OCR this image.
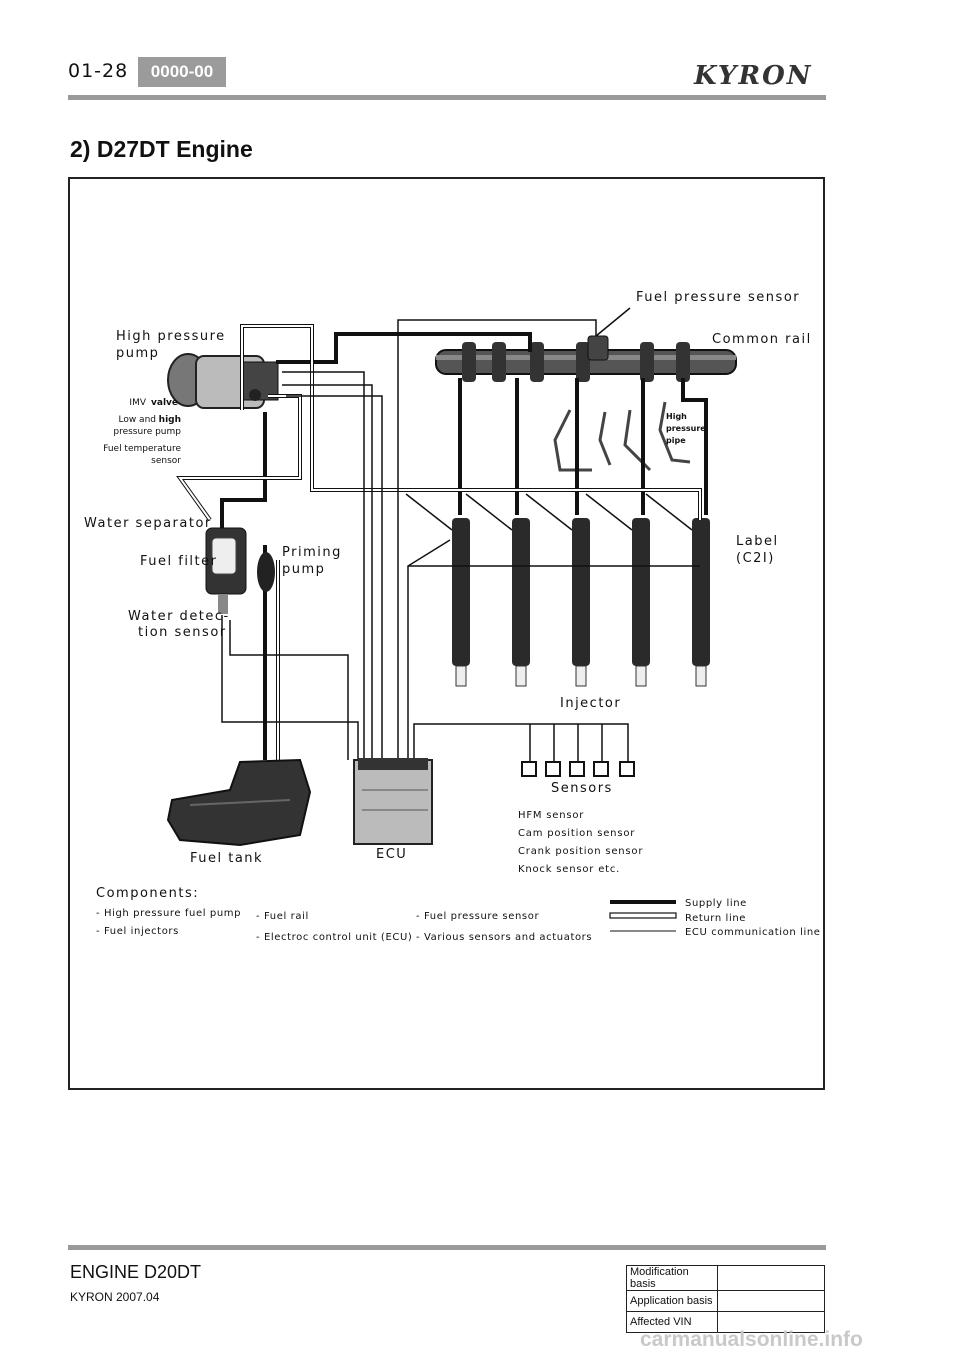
01-28	0000-00	KYRON
2) D27DT Engine
Fuel pressure sensor
High pressure
pump
Common rail
IMV valve
Low and high
pressure pump
Fuel temperature
sensor
High
pressure
pipe
Water separator
Fuel filter
Priming
pump
Label
(C2I)
Water detec-
tion sensor
Injector
Sensors
HFM sensor
Cam position sensor
Crank position sensor
Knock sensor etc.
Fuel tank	ECU
Components:
- High pressure fuel pump
- Fuel injectors
- Fuel rail
- Electroc control unit (ECU)
- Fuel pressure sensor
- Various sensors and actuators
Supply line
Return line
ECU communication line
ENGINE D20DT
KYRON 2007.04
Modification basis	
Application basis	
Affected VIN	
carmanualsonline.info
